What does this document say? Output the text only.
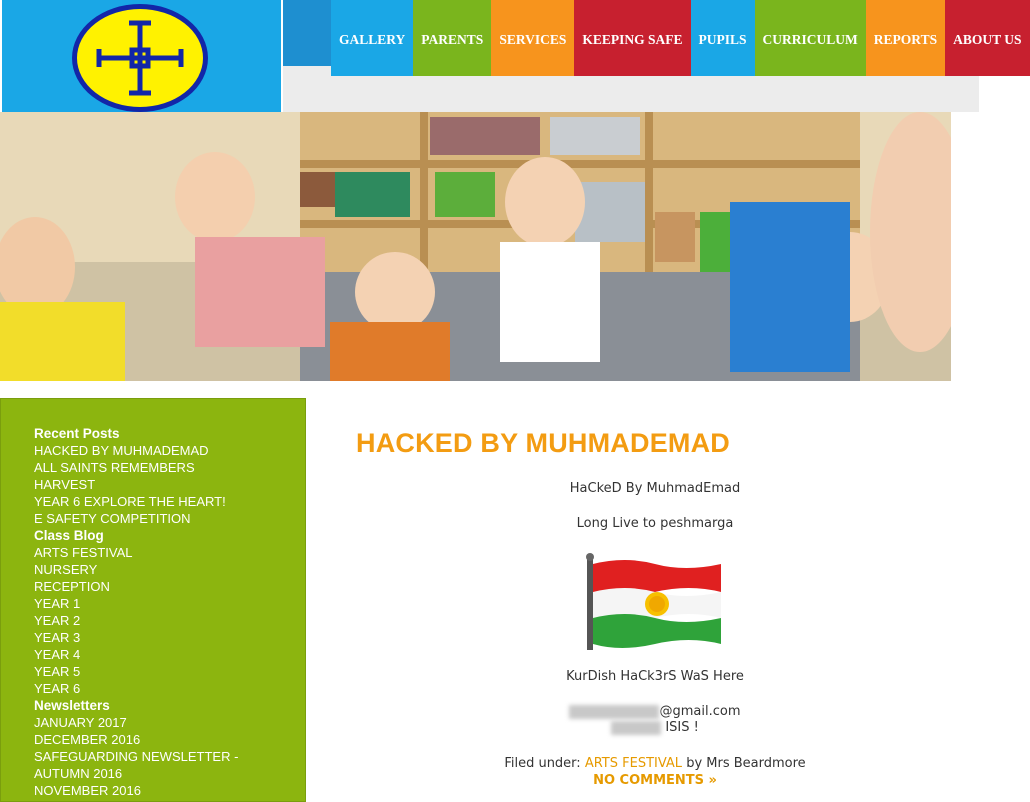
GALLERY	PARENTS	SERVICES	KEEPING SAFE	PUPILS	CURRICULUM	REPORTS	ABOUT US
Recent Posts
HACKED BY MUHMADEMAD
ALL SAINTS REMEMBERS
HARVEST
YEAR 6 EXPLORE THE HEART!
E SAFETY COMPETITION
Class Blog
ARTS FESTIVAL
NURSERY
RECEPTION
YEAR 1
YEAR 2
YEAR 3
YEAR 4
YEAR 5
YEAR 6
Newsletters
JANUARY 2017
DECEMBER 2016
SAFEGUARDING NEWSLETTER -
AUTUMN 2016
NOVEMBER 2016
HACKED BY MUHMADEMAD
HaCkeD By MuhmadEmad
Long Live to peshmarga
KurDish HaCk3rS WaS Here
@gmail.com
ISIS !
Filed under: ARTS FESTIVAL by Mrs Beardmore
NO COMMENTS »
